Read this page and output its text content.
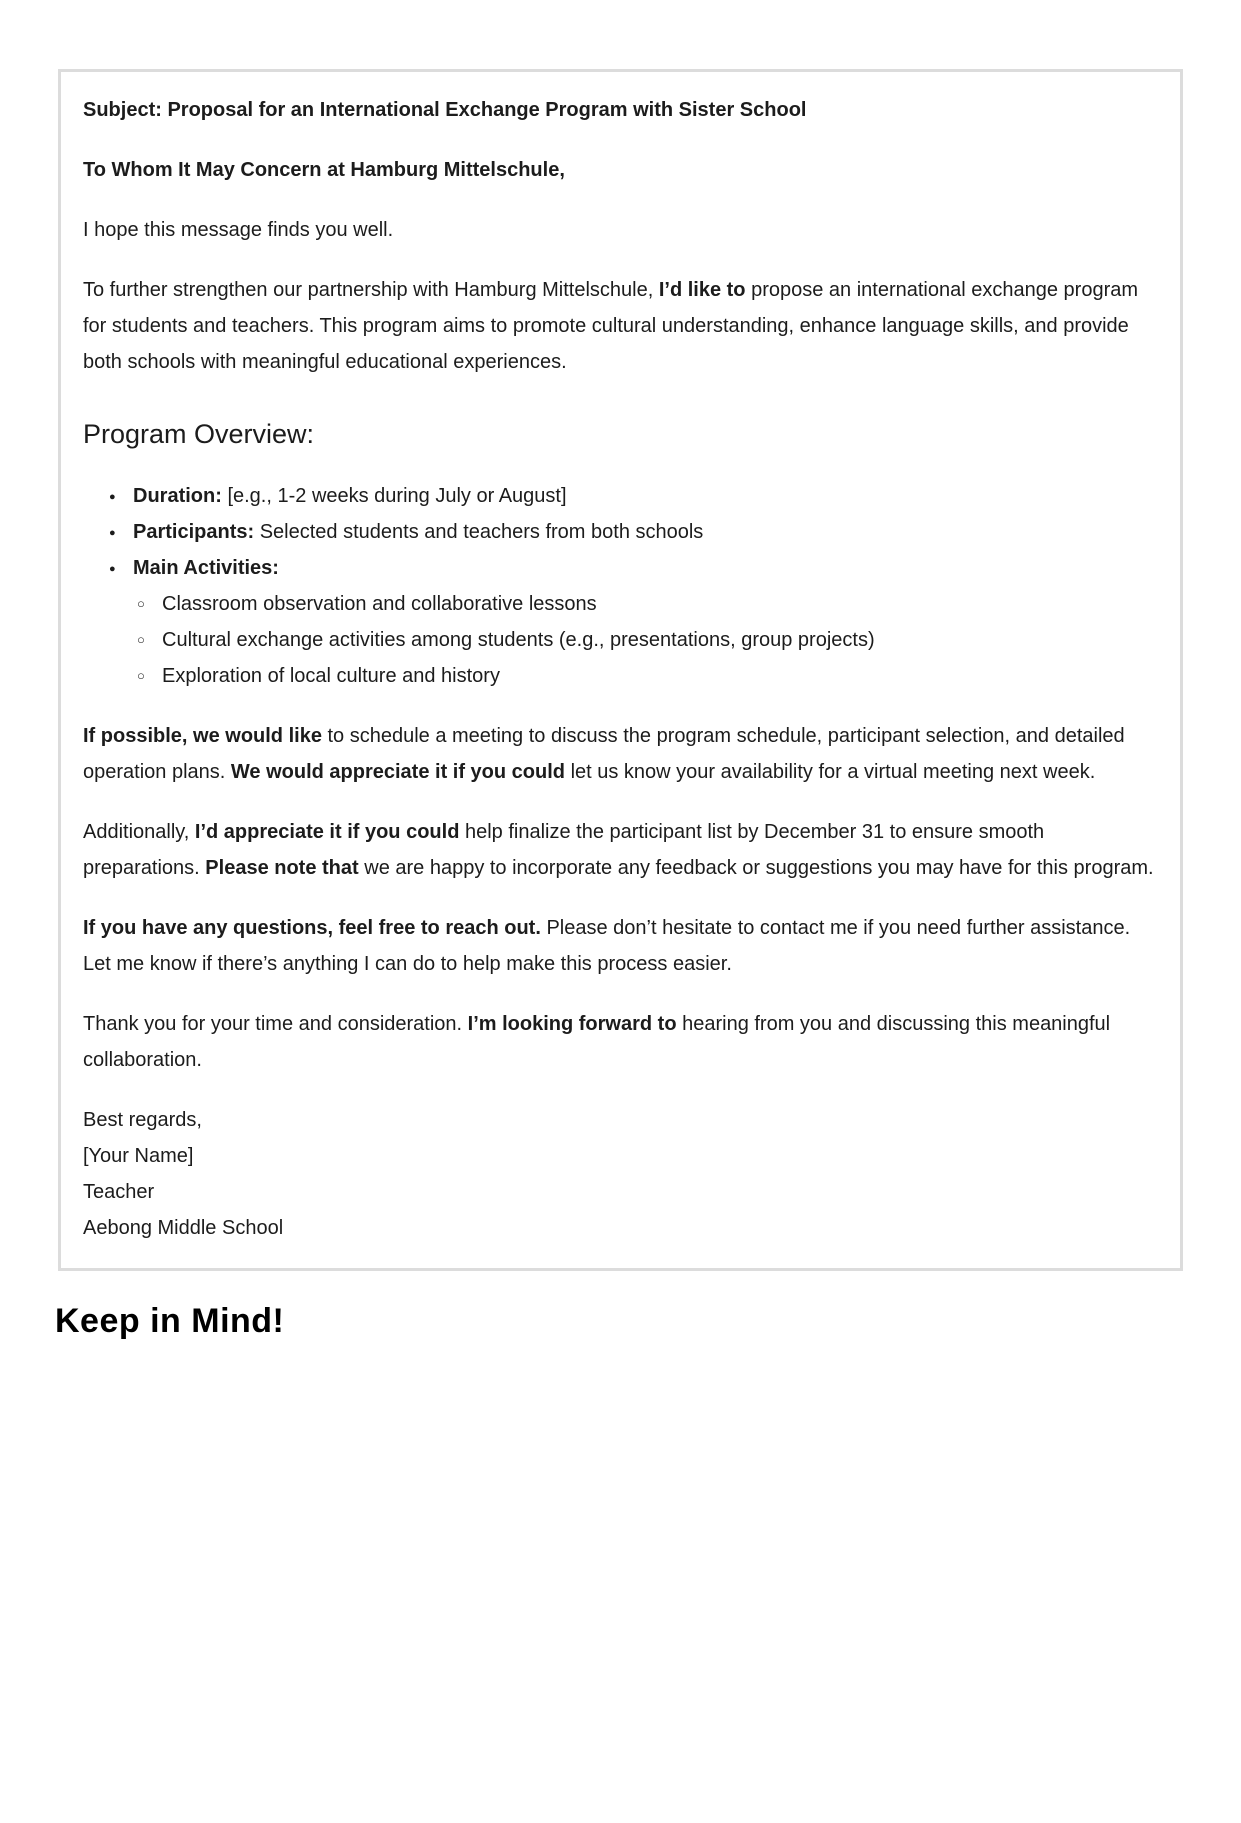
Subject: Proposal for an International Exchange Program with Sister School

To Whom It May Concern at Hamburg Mittelschule,

I hope this message finds you well.

To further strengthen our partnership with Hamburg Mittelschule, I’d like to propose an international exchange program for students and teachers. This program aims to promote cultural understanding, enhance language skills, and provide both schools with meaningful educational experiences.

Program Overview:
● Duration: [e.g., 1-2 weeks during July or August]
● Participants: Selected students and teachers from both schools
● Main Activities:
○ Classroom observation and collaborative lessons
○ Cultural exchange activities among students (e.g., presentations, group projects)
○ Exploration of local culture and history

If possible, we would like to schedule a meeting to discuss the program schedule, participant selection, and detailed operation plans. We would appreciate it if you could let us know your availability for a virtual meeting next week.

Additionally, I’d appreciate it if you could help finalize the participant list by December 31 to ensure smooth preparations. Please note that we are happy to incorporate any feedback or suggestions you may have for this program.

If you have any questions, feel free to reach out. Please don’t hesitate to contact me if you need further assistance. Let me know if there’s anything I can do to help make this process easier.

Thank you for your time and consideration. I’m looking forward to hearing from you and discussing this meaningful collaboration.

Best regards,
[Your Name]
Teacher
Aebong Middle School
Keep in Mind!
